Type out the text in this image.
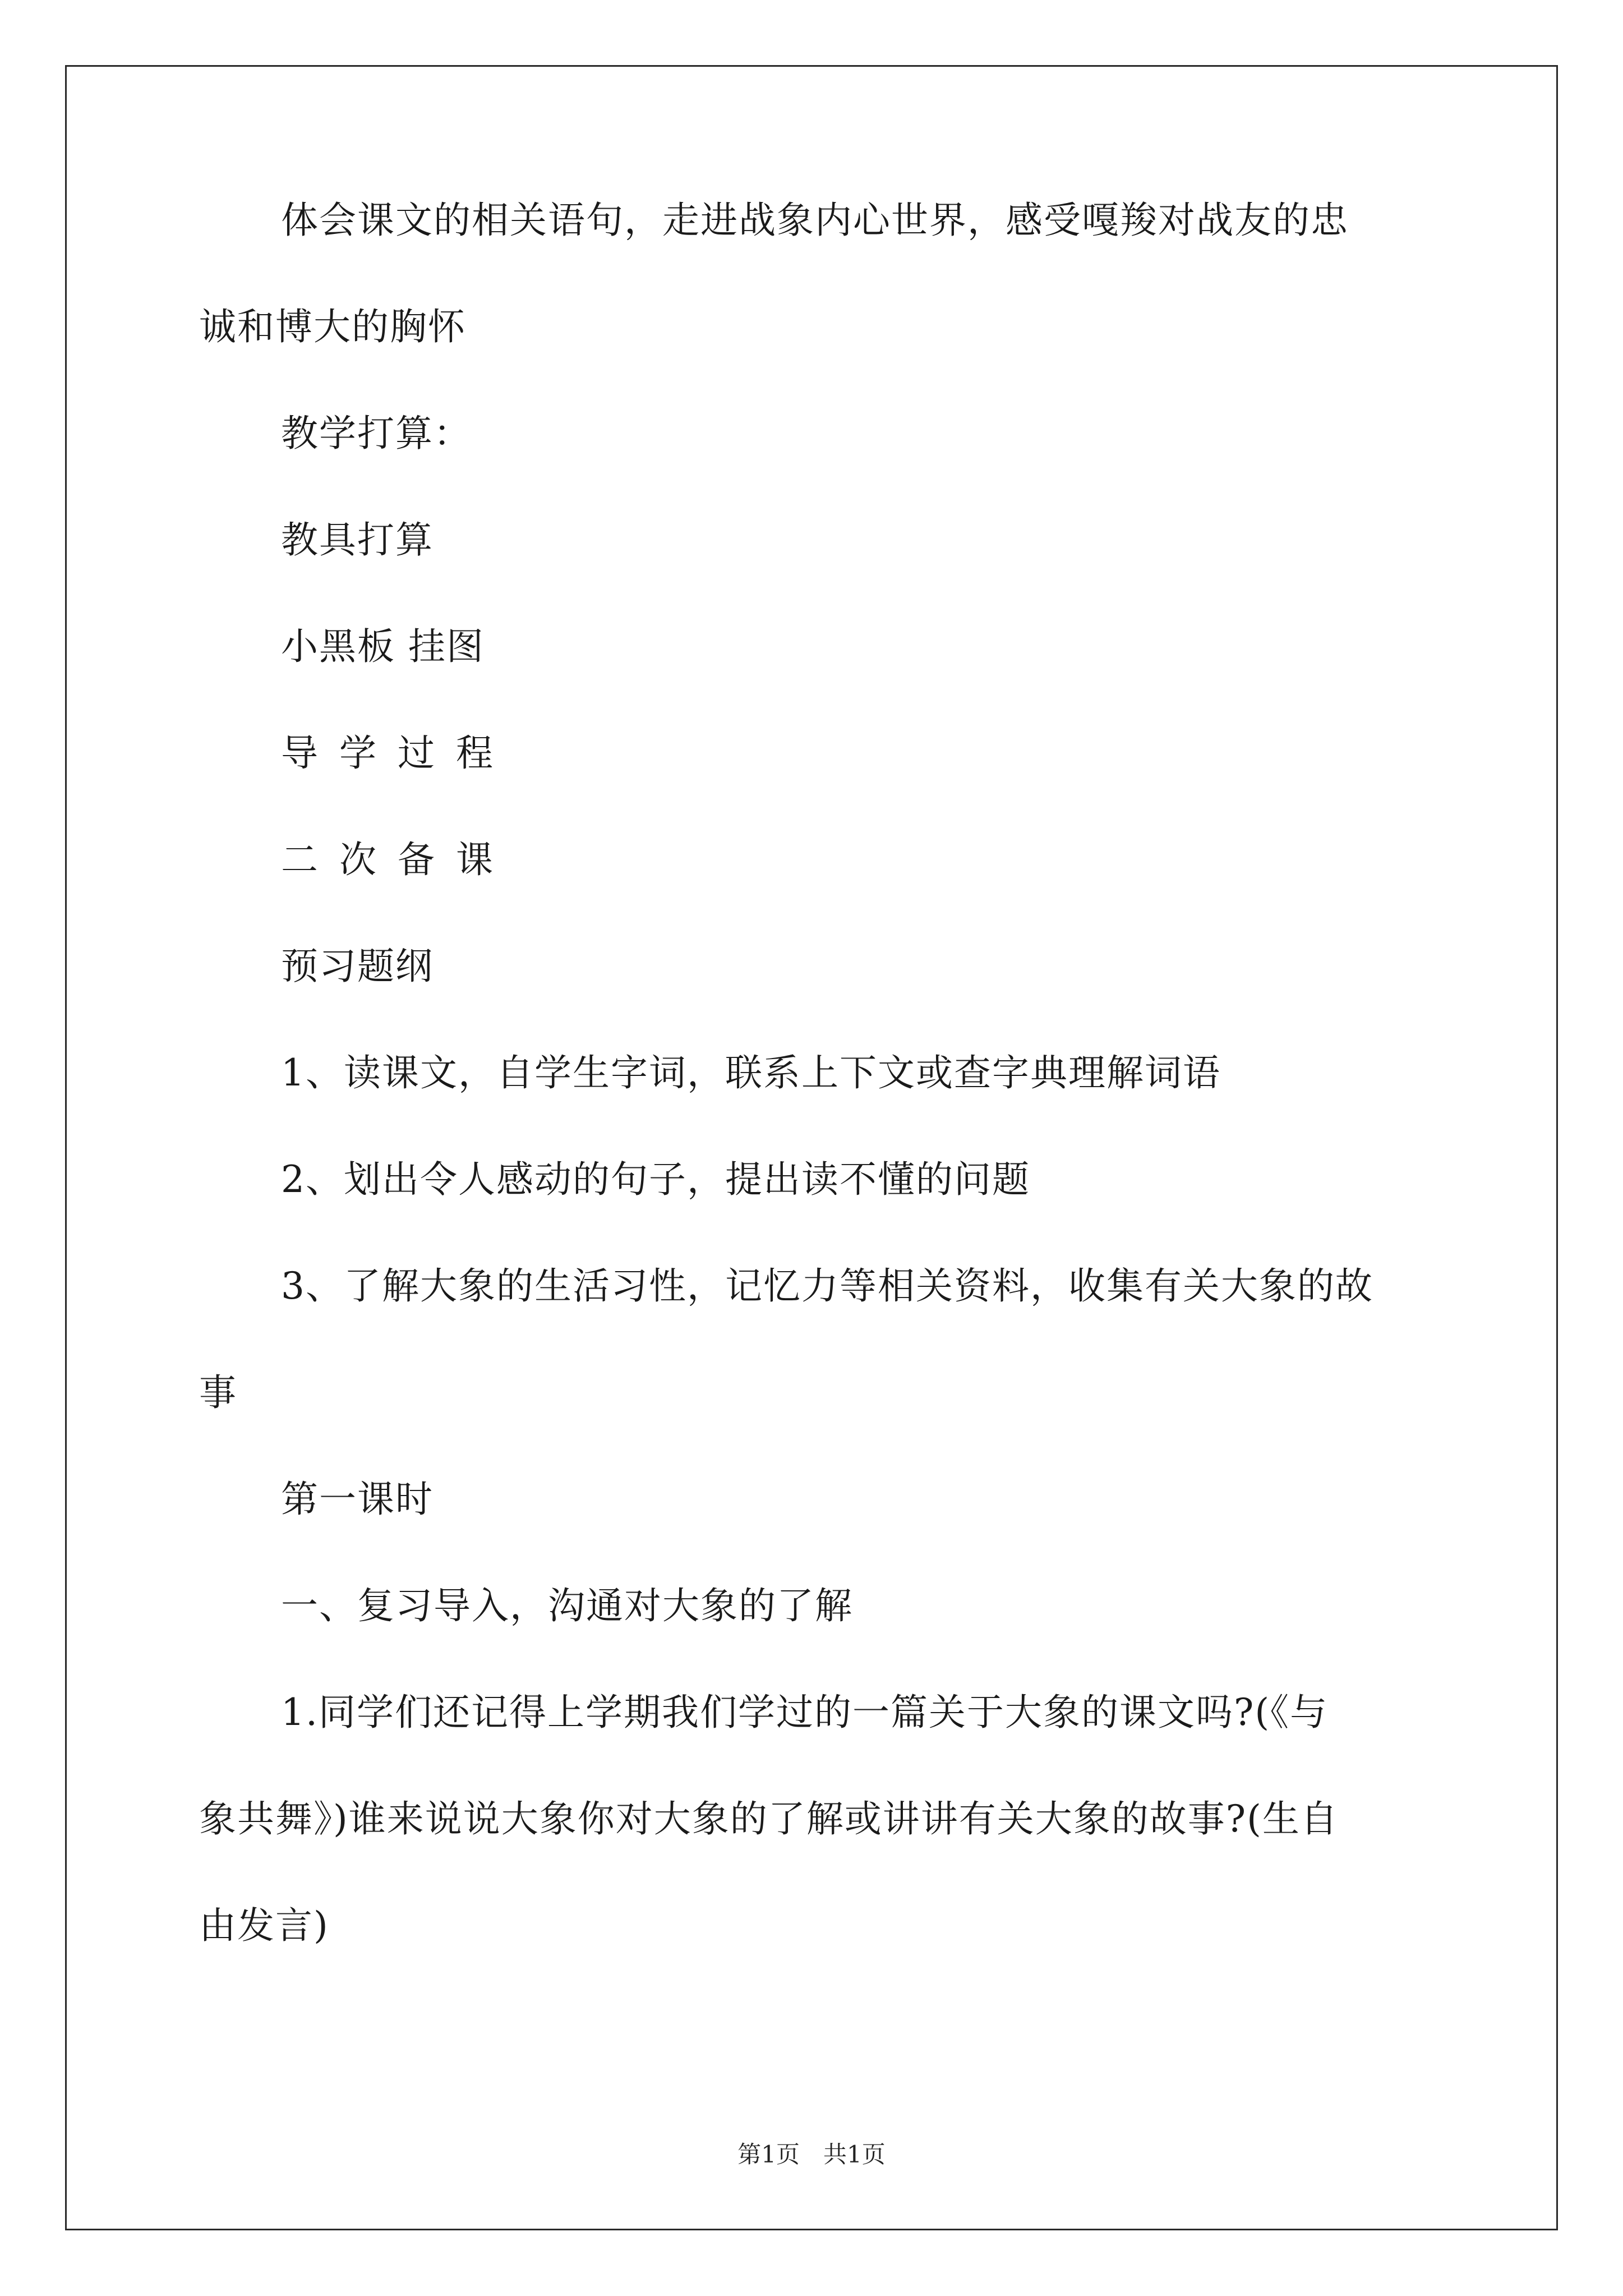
体会课文的相关语句，走进战象内心世界，感受嘎羧对战友的忠
诚和博大的胸怀
教学打算：
教具打算
小黑板 挂图
导学过程
二次备课
预习题纲
1、读课文，自学生字词，联系上下文或查字典理解词语
2、划出令人感动的句子，提出读不懂的问题
3、了解大象的生活习性，记忆力等相关资料，收集有关大象的故
事
第一课时
一、复习导入，沟通对大象的了解
1.同学们还记得上学期我们学过的一篇关于大象的课文吗?(《与
象共舞》)谁来说说大象你对大象的了解或讲讲有关大象的故事?(生自
由发言)
第1页　共1页
